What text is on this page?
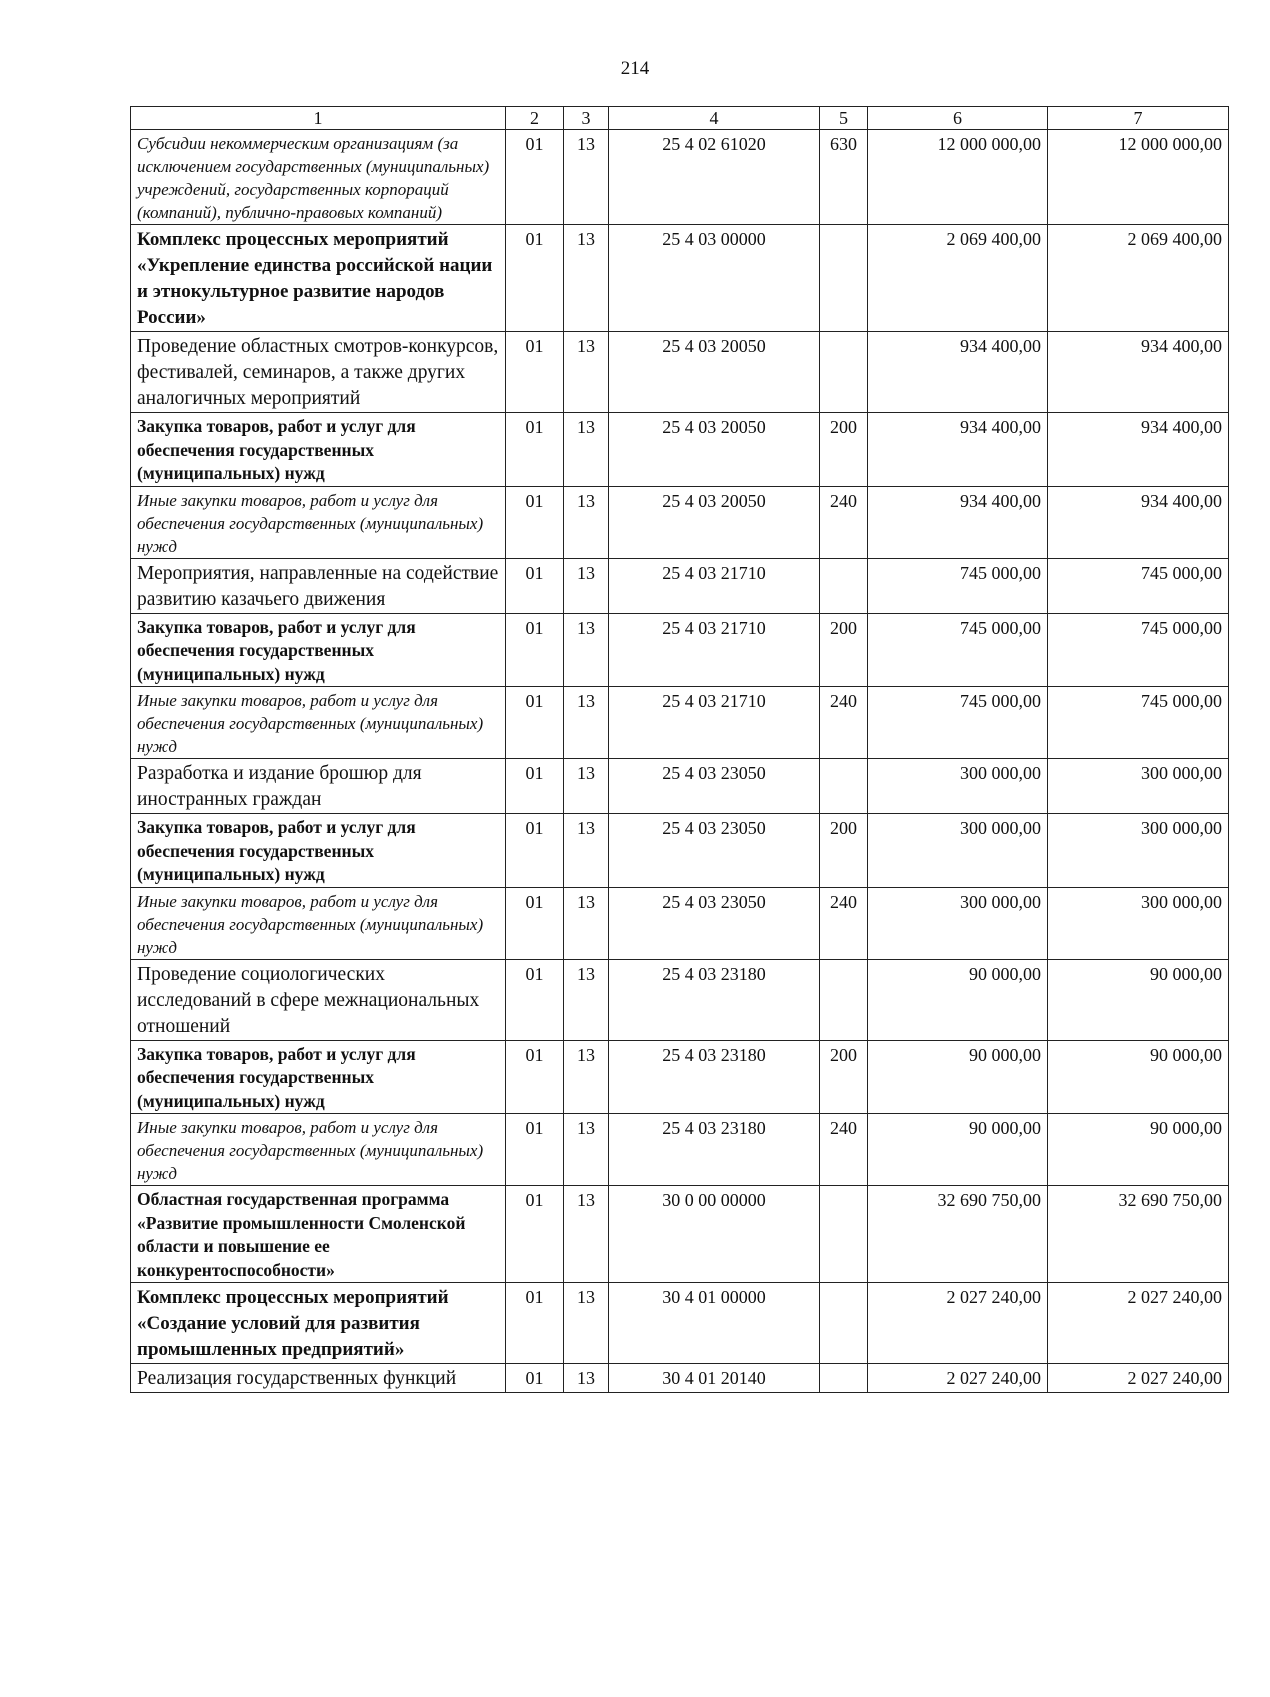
214
1	2	3	4	5	6	7
Субсидии некоммерческим организациям (за исключением государственных (муниципальных) учреждений, государственных корпораций (компаний), публично-правовых компаний)	01	13	25 4 02 61020	630	12 000 000,00	12 000 000,00
Комплекс процессных мероприятий «Укрепление единства российской нации и этнокультурное развитие народов России»	01	13	25 4 03 00000		2 069 400,00	2 069 400,00
Проведение областных смотров-конкурсов, фестивалей, семинаров, а также других аналогичных мероприятий	01	13	25 4 03 20050		934 400,00	934 400,00
Закупка товаров, работ и услуг для обеспечения государственных (муниципальных) нужд	01	13	25 4 03 20050	200	934 400,00	934 400,00
Иные закупки товаров, работ и услуг для обеспечения государственных (муниципальных) нужд	01	13	25 4 03 20050	240	934 400,00	934 400,00
Мероприятия, направленные на содействие развитию казачьего движения	01	13	25 4 03 21710		745 000,00	745 000,00
Закупка товаров, работ и услуг для обеспечения государственных (муниципальных) нужд	01	13	25 4 03 21710	200	745 000,00	745 000,00
Иные закупки товаров, работ и услуг для обеспечения государственных (муниципальных) нужд	01	13	25 4 03 21710	240	745 000,00	745 000,00
Разработка и издание брошюр для иностранных граждан	01	13	25 4 03 23050		300 000,00	300 000,00
Закупка товаров, работ и услуг для обеспечения государственных (муниципальных) нужд	01	13	25 4 03 23050	200	300 000,00	300 000,00
Иные закупки товаров, работ и услуг для обеспечения государственных (муниципальных) нужд	01	13	25 4 03 23050	240	300 000,00	300 000,00
Проведение социологических исследований в сфере межнациональных отношений	01	13	25 4 03 23180		90 000,00	90 000,00
Закупка товаров, работ и услуг для обеспечения государственных (муниципальных) нужд	01	13	25 4 03 23180	200	90 000,00	90 000,00
Иные закупки товаров, работ и услуг для обеспечения государственных (муниципальных) нужд	01	13	25 4 03 23180	240	90 000,00	90 000,00
Областная государственная программа «Развитие промышленности Смоленской области и повышение ее конкурентоспособности»	01	13	30 0 00 00000		32 690 750,00	32 690 750,00
Комплекс процессных мероприятий «Создание условий для развития промышленных предприятий»	01	13	30 4 01 00000		2 027 240,00	2 027 240,00
Реализация государственных функций	01	13	30 4 01 20140		2 027 240,00	2 027 240,00
